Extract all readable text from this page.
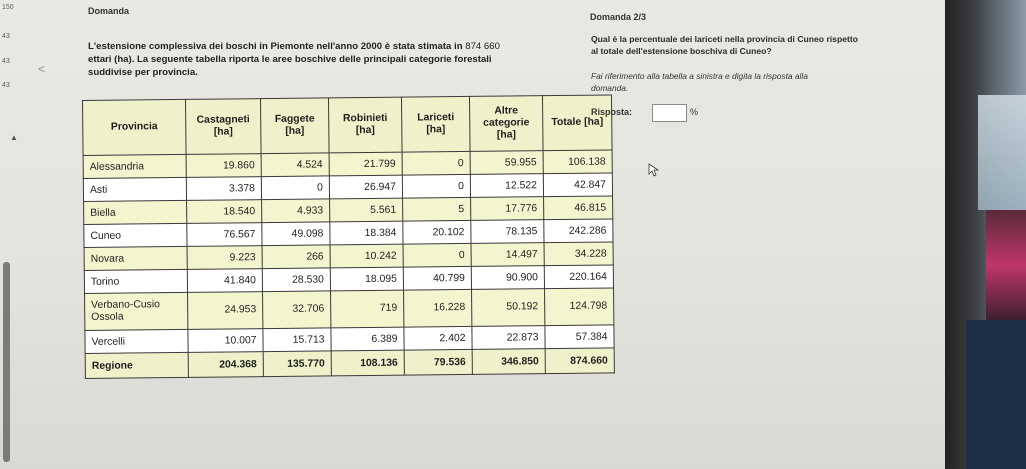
150
43
43
43
<
▲
Domanda
L'estensione complessiva dei boschi in Piemonte nell'anno 2000 è stata stimata in 874 660
ettari (ha). La seguente tabella riporta le aree boschive delle principali categorie forestali
suddivise per provincia.
Provincia	Castagneti [ha]	Faggete [ha]	Robinieti [ha]	Lariceti [ha]	Altre categorie [ha]	Totale [ha]
Alessandria	19.860	4.524	21.799	0	59.955	106.138
Asti	3.378	0	26.947	0	12.522	42.847
Biella	18.540	4.933	5.561	5	17.776	46.815
Cuneo	76.567	49.098	18.384	20.102	78.135	242.286
Novara	9.223	266	10.242	0	14.497	34.228
Torino	41.840	28.530	18.095	40.799	90.900	220.164
Verbano-Cusio Ossola	24.953	32.706	719	16.228	50.192	124.798
Vercelli	10.007	15.713	6.389	2.402	22.873	57.384
Regione	204.368	135.770	108.136	79.536	346.850	874.660
Domanda 2/3
Qual è la percentuale dei lariceti nella provincia di Cuneo rispetto
al totale dell'estensione boschiva di Cuneo?
Fai riferimento alla tabella a sinistra e digita la risposta alla
domanda.
Risposta:	%
